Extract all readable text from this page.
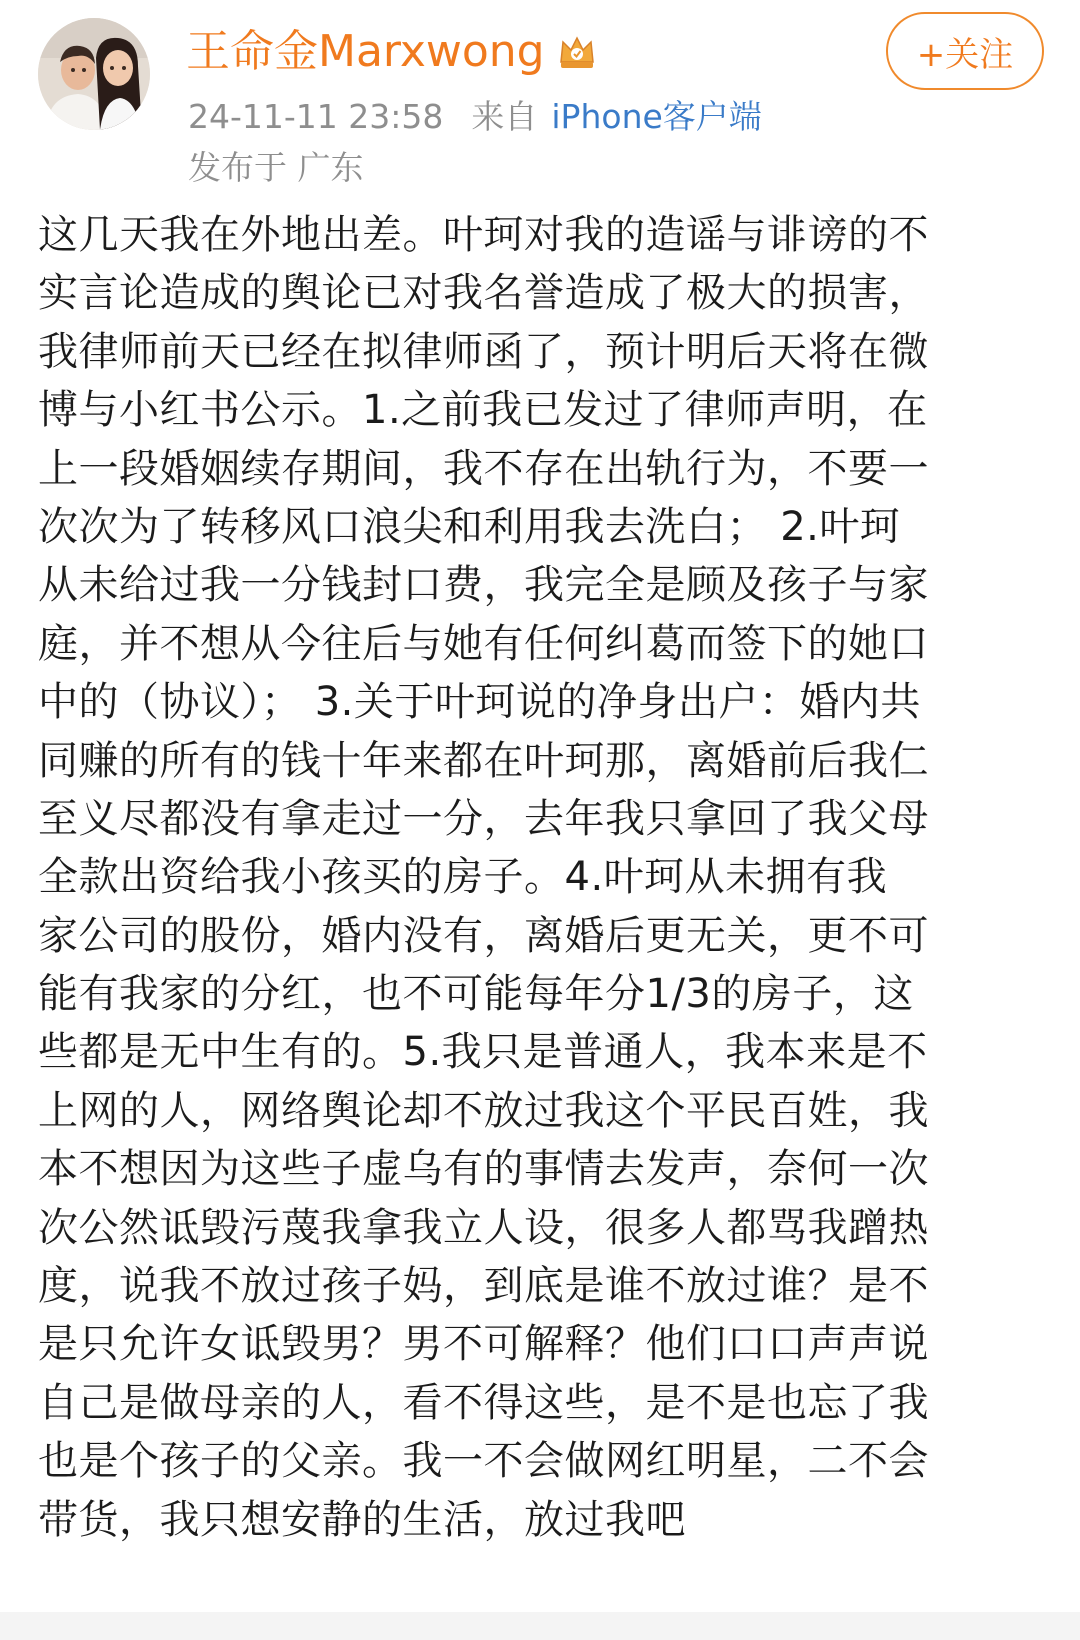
王命金Marxwong	+关注
24-11-11 23:58 来自 iPhone客户端
发布于 广东
这几天我在外地出差。叶珂对我的造谣与诽谤的不
实言论造成的舆论已对我名誉造成了极大的损害，
我律师前天已经在拟律师函了，预计明后天将在微
博与小红书公示。1.之前我已发过了律师声明，在
上一段婚姻续存期间，我不存在出轨行为，不要一
次次为了转移风口浪尖和利用我去洗白； 2.叶珂
从未给过我一分钱封口费，我完全是顾及孩子与家
庭，并不想从今往后与她有任何纠葛而签下的她口
中的（协议）； 3.关于叶珂说的净身出户：婚内共
同赚的所有的钱十年来都在叶珂那，离婚前后我仁
至义尽都没有拿走过一分，去年我只拿回了我父母
全款出资给我小孩买的房子。4.叶珂从未拥有我
家公司的股份，婚内没有，离婚后更无关，更不可
能有我家的分红，也不可能每年分1/3的房子，这
些都是无中生有的。5.我只是普通人，我本来是不
上网的人，网络舆论却不放过我这个平民百姓，我
本不想因为这些子虚乌有的事情去发声，奈何一次
次公然诋毁污蔑我拿我立人设，很多人都骂我蹭热
度，说我不放过孩子妈，到底是谁不放过谁？是不
是只允许女诋毁男？男不可解释？他们口口声声说
自己是做母亲的人，看不得这些，是不是也忘了我
也是个孩子的父亲。我一不会做网红明星，二不会
带货，我只想安静的生活，放过我吧
